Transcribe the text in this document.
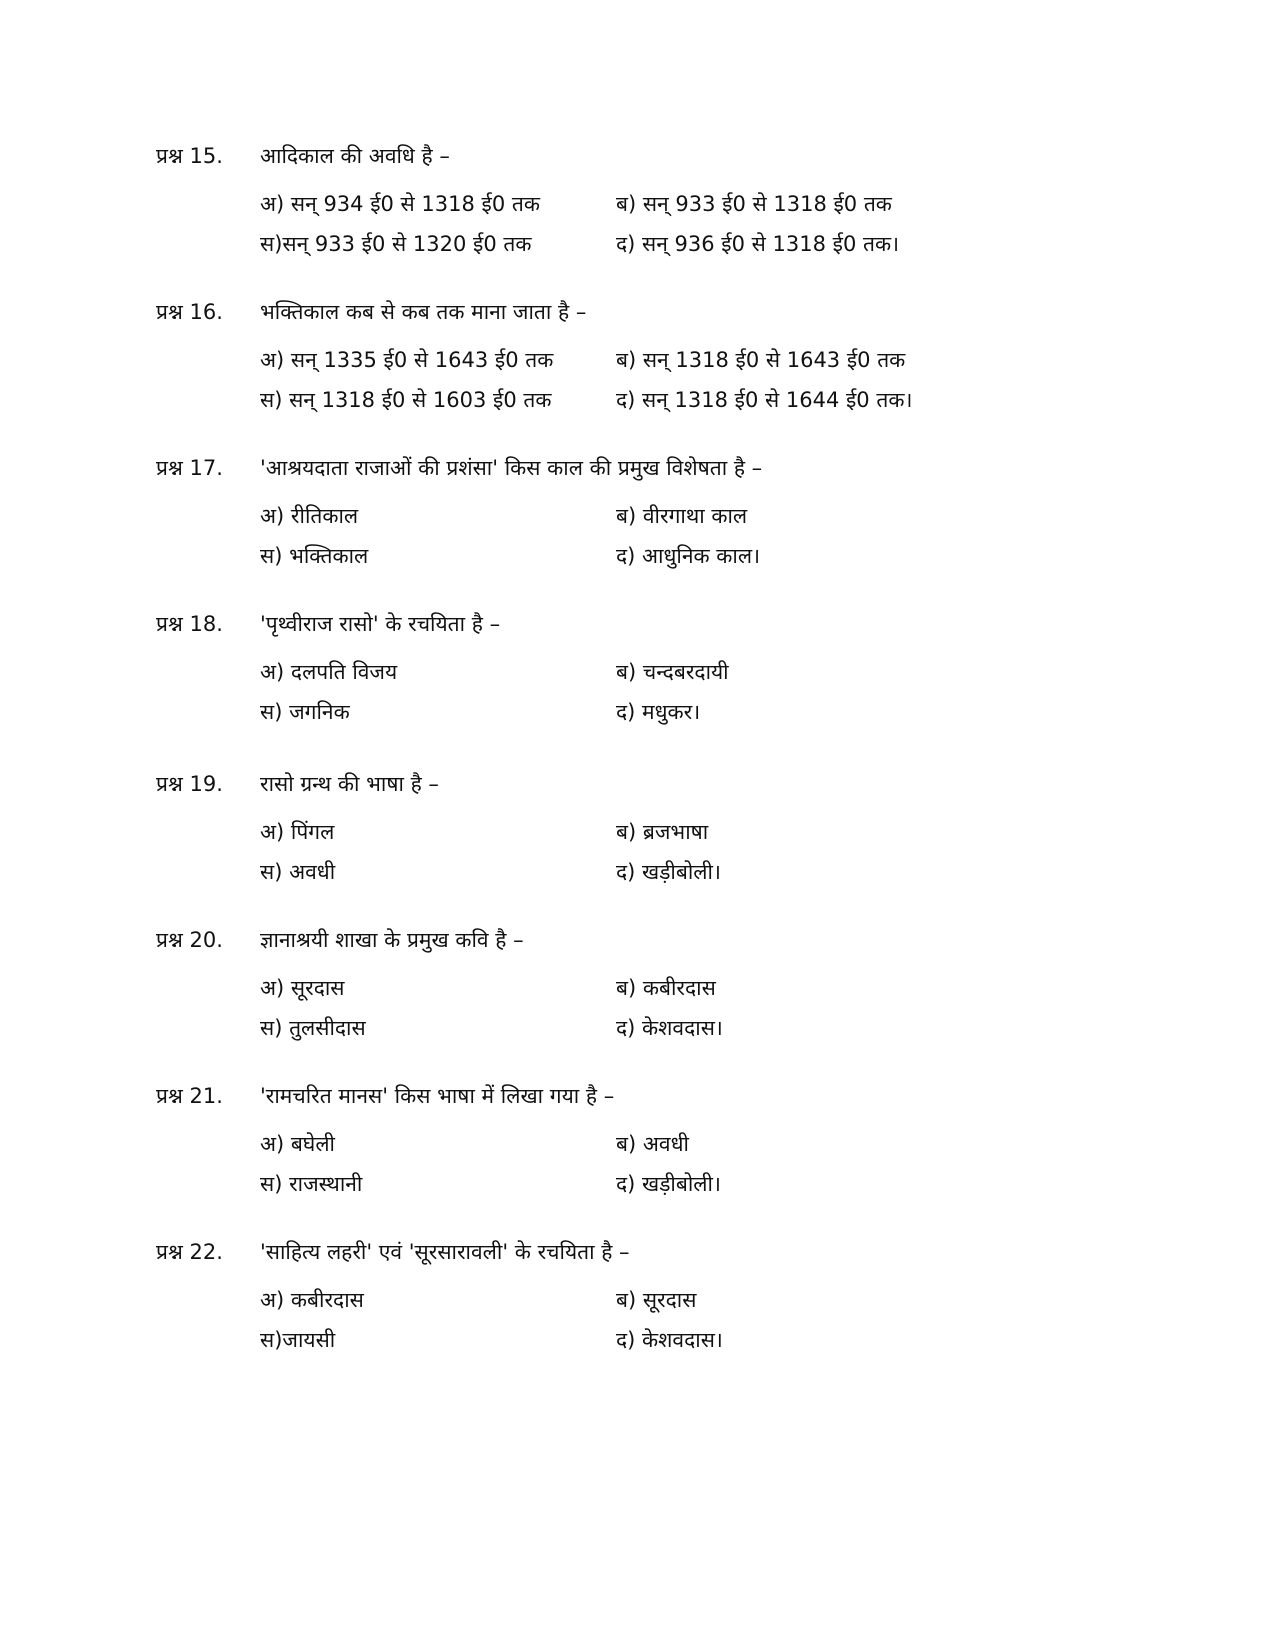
प्रश्न 15. आदिकाल की अवधि है –
अ) सन् 934 ई0 से 1318 ई0 तक	ब) सन् 933 ई0 से 1318 ई0 तक
स)सन् 933 ई0 से 1320 ई0 तक	द) सन् 936 ई0 से 1318 ई0 तक।
प्रश्न 16. भक्तिकाल कब से कब तक माना जाता है –
अ) सन् 1335 ई0 से 1643 ई0 तक	ब) सन् 1318 ई0 से 1643 ई0 तक
स) सन् 1318 ई0 से 1603 ई0 तक	द) सन् 1318 ई0 से 1644 ई0 तक।
प्रश्न 17. 'आश्रयदाता राजाओं की प्रशंसा' किस काल की प्रमुख विशेषता है –
अ) रीतिकाल	ब) वीरगाथा काल
स) भक्तिकाल	द) आधुनिक काल।
प्रश्न 18. 'पृथ्वीराज रासो' के रचयिता है –
अ) दलपति विजय	ब) चन्दबरदायी
स) जगनिक	द) मधुकर।
प्रश्न 19. रासो ग्रन्थ की भाषा है –
अ) पिंगल	ब) ब्रजभाषा
स) अवधी	द) खड़ीबोली।
प्रश्न 20. ज्ञानाश्रयी शाखा के प्रमुख कवि है –
अ) सूरदास	ब) कबीरदास
स) तुलसीदास	द) केशवदास।
प्रश्न 21. 'रामचरित मानस' किस भाषा में लिखा गया है –
अ) बघेली	ब) अवधी
स) राजस्थानी	द) खड़ीबोली।
प्रश्न 22. 'साहित्य लहरी' एवं 'सूरसारावली' के रचयिता है –
अ) कबीरदास	ब) सूरदास
स)जायसी	द) केशवदास।
